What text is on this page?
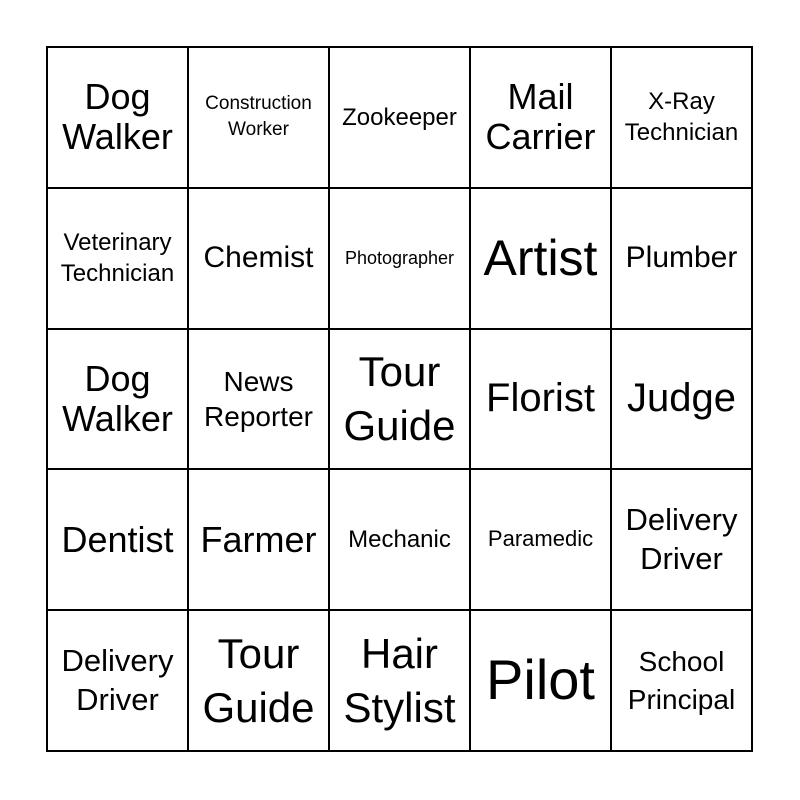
Dog
Walker
Construction
Worker	Zookeeper
Mail
Carrier
X-Ray
Technician
Veterinary
Technician Chemist Photographer Artist Plumber
Dog
Walker
News
Reporter
Tour
Guide
Florist Judge
Dentist Farmer Mechanic Paramedic
Delivery
Driver
Delivery
Driver
Tour
Guide
Hair
Stylist Pilot	School
Principal
